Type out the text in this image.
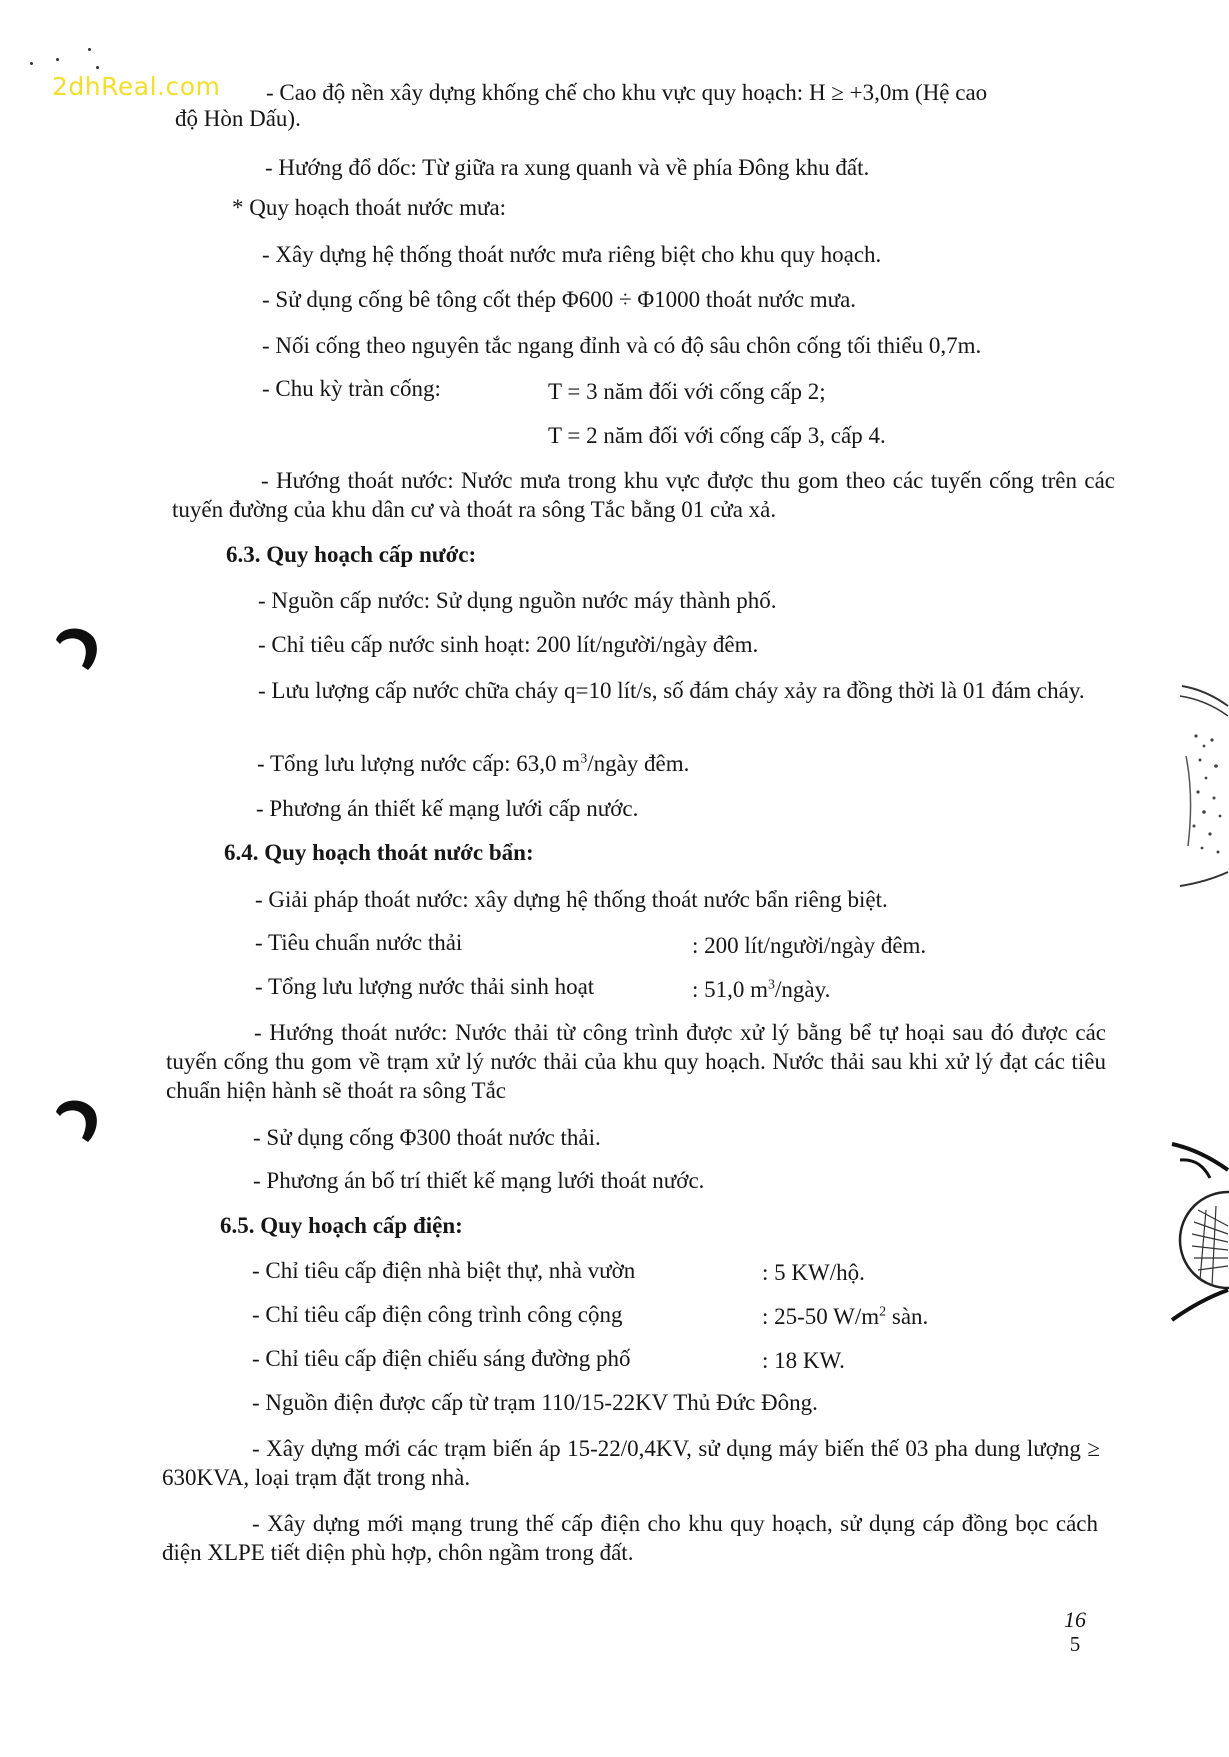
2dhReal.com - Cao độ nền xây dựng khống chế cho khu vực quy hoạch: H ≥ +3,0m (Hệ cao
độ Hòn Dấu).
- Hướng đổ dốc: Từ giữa ra xung quanh và về phía Đông khu đất.
* Quy hoạch thoát nước mưa:
- Xây dựng hệ thống thoát nước mưa riêng biệt cho khu quy hoạch.
- Sử dụng cống bê tông cốt thép Φ600 ÷ Φ1000 thoát nước mưa.
- Nối cống theo nguyên tắc ngang đỉnh và có độ sâu chôn cống tối thiểu 0,7m.
- Chu kỳ tràn cống:	T = 3 năm đối với cống cấp 2;
T = 2 năm đối với cống cấp 3, cấp 4.
- Hướng thoát nước: Nước mưa trong khu vực được thu gom theo các tuyến cống trên các tuyến đường của khu dân cư và thoát ra sông Tắc bằng 01 cửa xả.
6.3. Quy hoạch cấp nước:
- Nguồn cấp nước: Sử dụng nguồn nước máy thành phố.
- Chỉ tiêu cấp nước sinh hoạt: 200 lít/người/ngày đêm.
- Lưu lượng cấp nước chữa cháy q=10 lít/s, số đám cháy xảy ra đồng thời là 01 đám cháy.
- Tổng lưu lượng nước cấp: 63,0 $m^3$/ngày đêm.
- Phương án thiết kế mạng lưới cấp nước.
6.4. Quy hoạch thoát nước bẩn:
- Giải pháp thoát nước: xây dựng hệ thống thoát nước bẩn riêng biệt.
- Tiêu chuẩn nước thải	: 200 lít/người/ngày đêm.
- Tổng lưu lượng nước thải sinh hoạt	: 51,0 $m^3$/ngày.
- Hướng thoát nước: Nước thải từ công trình được xử lý bằng bể tự hoại sau đó được các tuyến cống thu gom về trạm xử lý nước thải của khu quy hoạch. Nước thải sau khi xử lý đạt các tiêu chuẩn hiện hành sẽ thoát ra sông Tắc
- Sử dụng cống Φ300 thoát nước thải.
- Phương án bố trí thiết kế mạng lưới thoát nước.
6.5. Quy hoạch cấp điện:
- Chỉ tiêu cấp điện nhà biệt thự, nhà vườn	: 5 KW/hộ.
- Chỉ tiêu cấp điện công trình công cộng	: 25-50 $W/m^2$ sàn.
- Chỉ tiêu cấp điện chiếu sáng đường phố	: 18 KW.
- Nguồn điện được cấp từ trạm 110/15-22KV Thủ Đức Đông.
- Xây dựng mới các trạm biến áp 15-22/0,4KV, sử dụng máy biến thế 03 pha dung lượng ≥ 630KVA, loại trạm đặt trong nhà.
- Xây dựng mới mạng trung thế cấp điện cho khu quy hoạch, sử dụng cáp đồng bọc cách điện XLPE tiết diện phù hợp, chôn ngầm trong đất.
16
5
